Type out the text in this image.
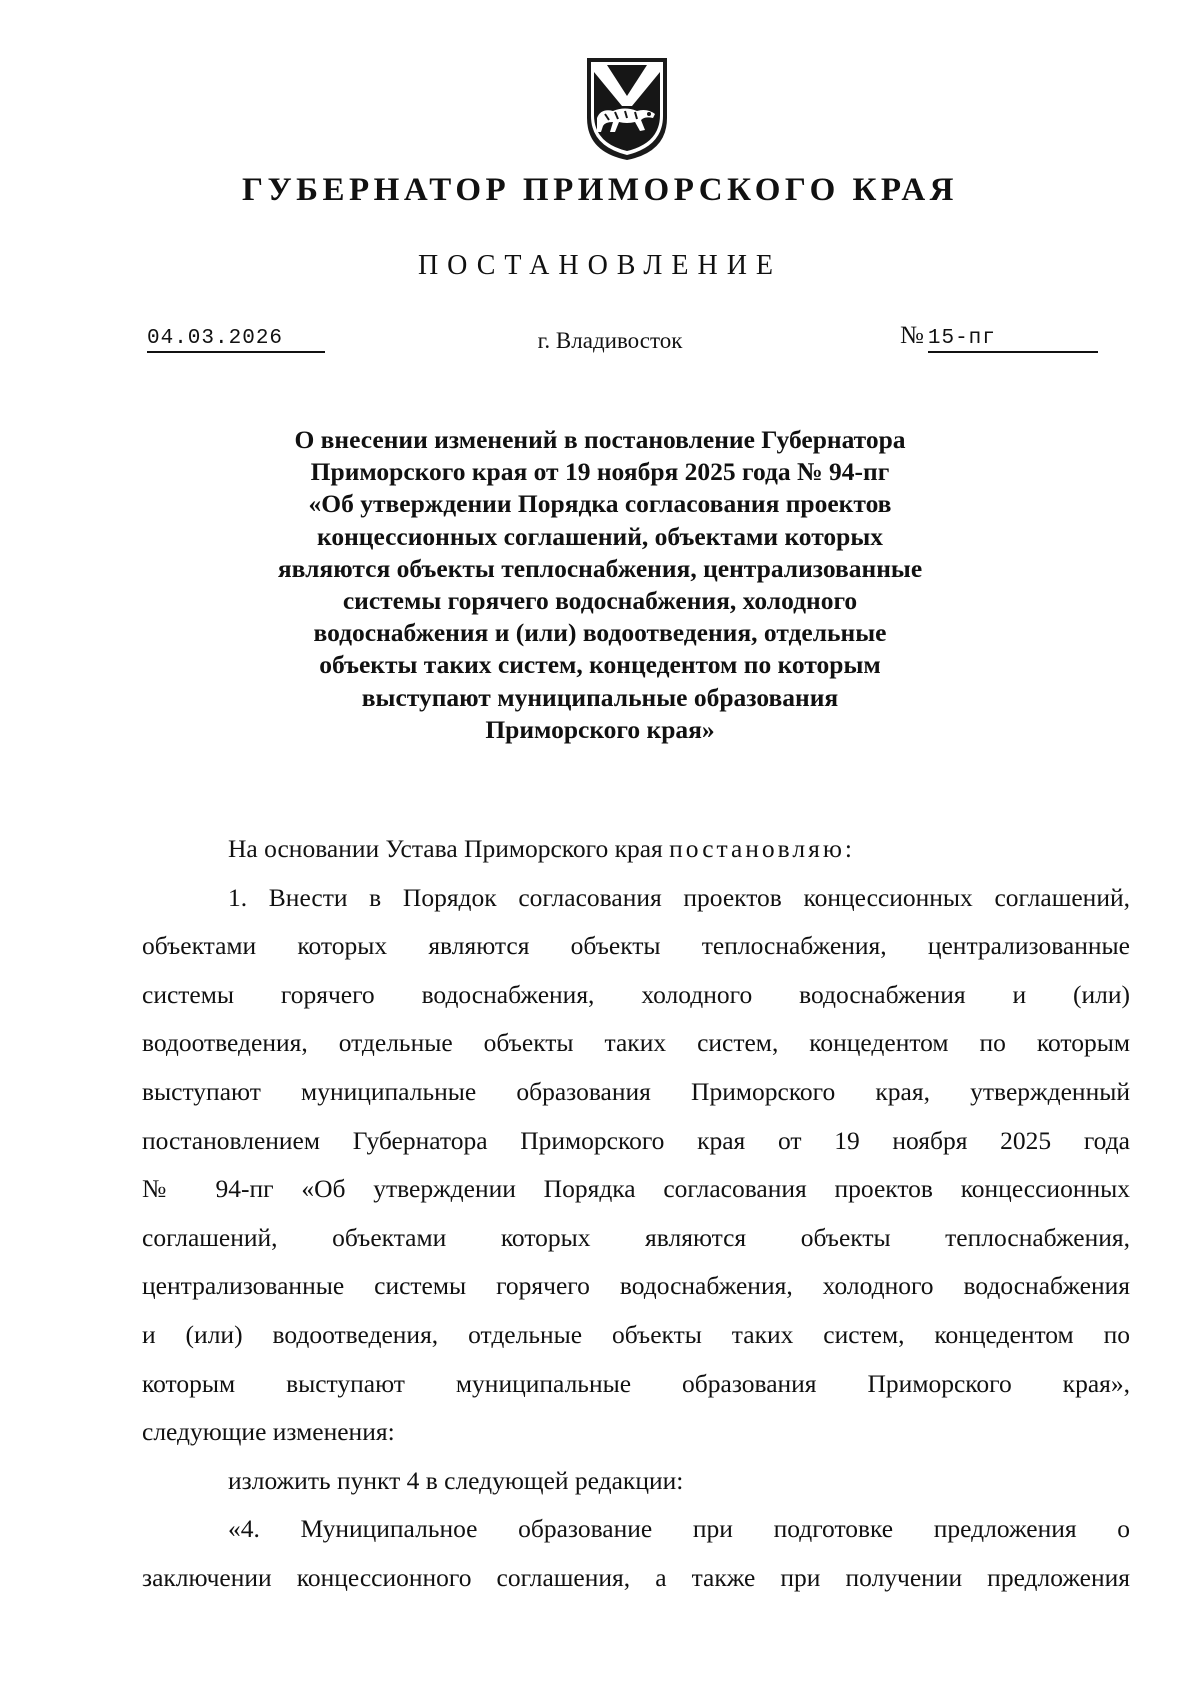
ГУБЕРНАТОР ПРИМОРСКОГО КРАЯ
ПОСТАНОВЛЕНИЕ
04.03.2026	г. Владивосток	№ 15-пг
О внесении изменений в постановление Губернатора
Приморского края от 19 ноября 2025 года № 94-пг
«Об утверждении Порядка согласования проектов
концессионных соглашений, объектами которых
являются объекты теплоснабжения, централизованные
системы горячего водоснабжения, холодного
водоснабжения и (или) водоотведения, отдельные
объекты таких систем, концедентом по которым
выступают муниципальные образования
Приморского края»

На основании Устава Приморского края постановляю:

1. Внести в Порядок согласования проектов концессионных соглашений,
объектами которых являются объекты теплоснабжения, централизованные
системы горячего водоснабжения, холодного водоснабжения и (или)
водоотведения, отдельные объекты таких систем, концедентом по которым
выступают муниципальные образования Приморского края, утвержденный
постановлением Губернатора Приморского края от 19 ноября 2025 года
№ 94-пг «Об утверждении Порядка согласования проектов концессионных
соглашений, объектами которых являются объекты теплоснабжения,
централизованные системы горячего водоснабжения, холодного водоснабжения
и (или) водоотведения, отдельные объекты таких систем, концедентом по
которым выступают муниципальные образования Приморского края»,
следующие изменения:

изложить пункт 4 в следующей редакции:

«4. Муниципальное образование при подготовке предложения о
заключении концессионного соглашения, а также при получении предложения
